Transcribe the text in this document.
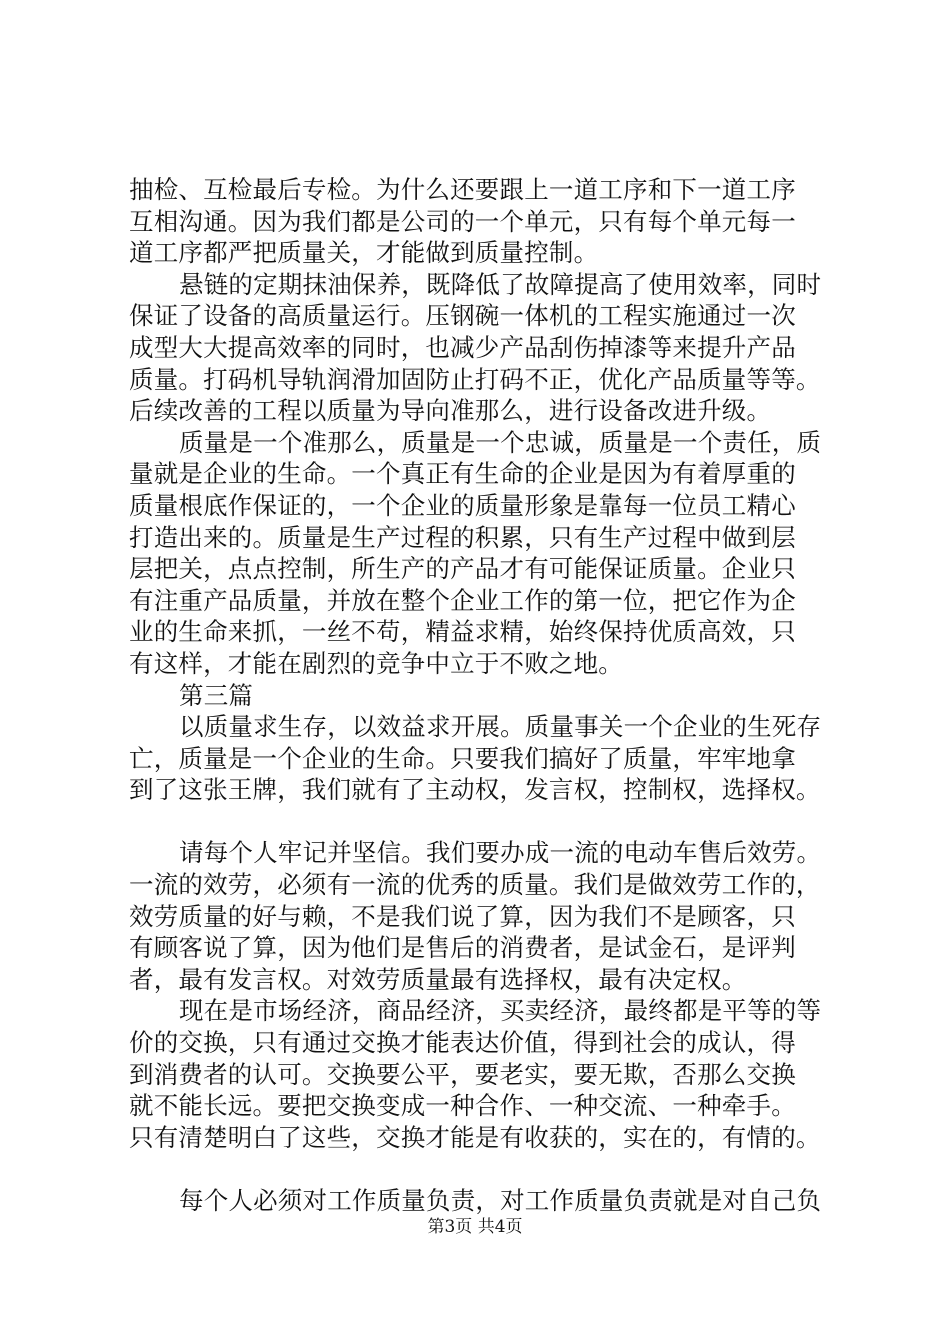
抽检、互检最后专检。为什么还要跟上一道工序和下一道工序
互相沟通。因为我们都是公司的一个单元，只有每个单元每一
道工序都严把质量关，才能做到质量控制。
悬链的定期抹油保养，既降低了故障提高了使用效率，同时
保证了设备的高质量运行。压钢碗一体机的工程实施通过一次
成型大大提高效率的同时，也减少产品刮伤掉漆等来提升产品
质量。打码机导轨润滑加固防止打码不正，优化产品质量等等。
后续改善的工程以质量为导向准那么，进行设备改进升级。
质量是一个准那么，质量是一个忠诚，质量是一个责任，质
量就是企业的生命。一个真正有生命的企业是因为有着厚重的
质量根底作保证的，一个企业的质量形象是靠每一位员工精心
打造出来的。质量是生产过程的积累，只有生产过程中做到层
层把关，点点控制，所生产的产品才有可能保证质量。企业只
有注重产品质量，并放在整个企业工作的第一位，把它作为企
业的生命来抓，一丝不苟，精益求精，始终保持优质高效，只
有这样，才能在剧烈的竞争中立于不败之地。
第三篇
以质量求生存，以效益求开展。质量事关一个企业的生死存
亡，质量是一个企业的生命。只要我们搞好了质量，牢牢地拿
到了这张王牌，我们就有了主动权，发言权，控制权，选择权。
请每个人牢记并坚信。我们要办成一流的电动车售后效劳。
一流的效劳，必须有一流的优秀的质量。我们是做效劳工作的，
效劳质量的好与赖，不是我们说了算，因为我们不是顾客，只
有顾客说了算，因为他们是售后的消费者，是试金石，是评判
者，最有发言权。对效劳质量最有选择权，最有决定权。
现在是市场经济，商品经济，买卖经济，最终都是平等的等
价的交换，只有通过交换才能表达价值，得到社会的成认，得
到消费者的认可。交换要公平，要老实，要无欺，否那么交换
就不能长远。要把交换变成一种合作、一种交流、一种牵手。
只有清楚明白了这些，交换才能是有收获的，实在的，有情的。
每个人必须对工作质量负责，对工作质量负责就是对自己负
第3页 共4页
